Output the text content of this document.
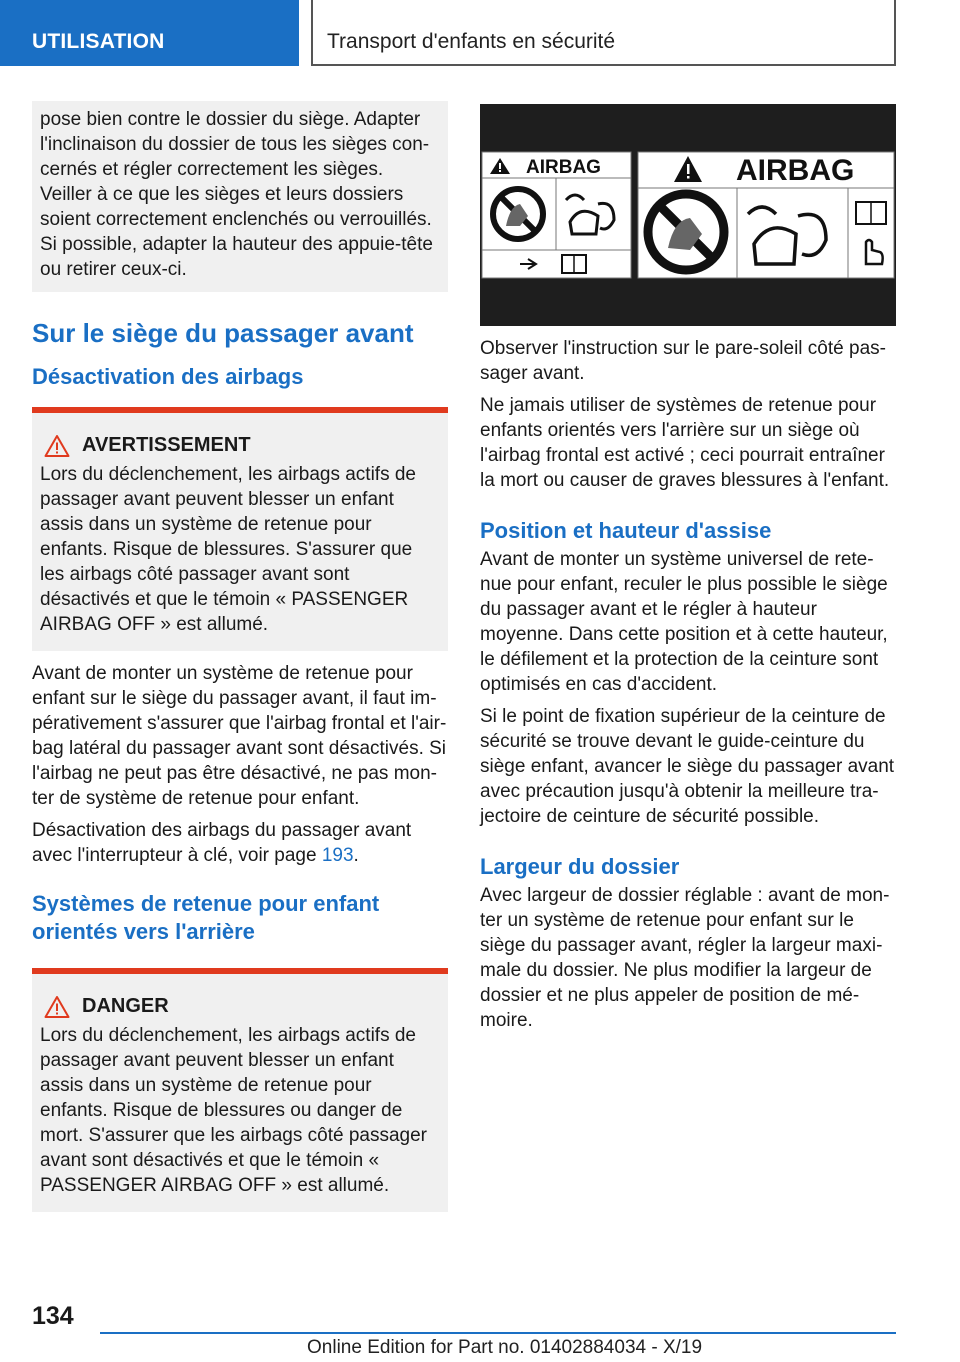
UTILISATION	Transport d'enfants en sécurité
pose bien contre le dossier du siège. Adapter l'inclinaison du dossier de tous les sièges concernés et régler correctement les sièges. Veiller à ce que les sièges et leurs dossiers soient correctement enclenchés ou verrouillés. Si possible, adapter la hauteur des appuie-tête ou retirer ceux-ci.
Sur le siège du passager avant
Désactivation des airbags
AVERTISSEMENT
Lors du déclenchement, les airbags actifs de passager avant peuvent blesser un enfant assis dans un système de retenue pour enfants. Risque de blessures. S'assurer que les airbags côté passager avant sont désactivés et que le témoin « PASSENGER AIRBAG OFF » est allumé.
Avant de monter un système de retenue pour enfant sur le siège du passager avant, il faut impérativement s'assurer que l'airbag frontal et l'airbag latéral du passager avant sont désactivés. Si l'airbag ne peut pas être désactivé, ne pas monter de système de retenue pour enfant.
Désactivation des airbags du passager avant avec l'interrupteur à clé, voir page 193.
Systèmes de retenue pour enfant orientés vers l'arrière
DANGER
Lors du déclenchement, les airbags actifs de passager avant peuvent blesser un enfant assis dans un système de retenue pour enfants. Risque de blessures ou danger de mort. S'assurer que les airbags côté passager avant sont désactivés et que le témoin « PASSENGER AIRBAG OFF » est allumé.
AIRBAG	AIRBAG
Observer l'instruction sur le pare-soleil côté passager avant.
Ne jamais utiliser de systèmes de retenue pour enfants orientés vers l'arrière sur un siège où l'airbag frontal est activé ; ceci pourrait entraîner la mort ou causer de graves blessures à l'enfant.
Position et hauteur d'assise
Avant de monter un système universel de retenue pour enfant, reculer le plus possible le siège du passager avant et le régler à hauteur moyenne. Dans cette position et à cette hauteur, le défilement et la protection de la ceinture sont optimisés en cas d'accident.
Si le point de fixation supérieur de la ceinture de sécurité se trouve devant le guide-ceinture du siège enfant, avancer le siège du passager avant avec précaution jusqu'à obtenir la meilleure trajectoire de ceinture de sécurité possible.
Largeur du dossier
Avec largeur de dossier réglable : avant de monter un système de retenue pour enfant sur le siège du passager avant, régler la largeur maximale du dossier. Ne plus modifier la largeur de dossier et ne plus appeler de position de mémoire.
134
Online Edition for Part no. 01402884034 - X/19
